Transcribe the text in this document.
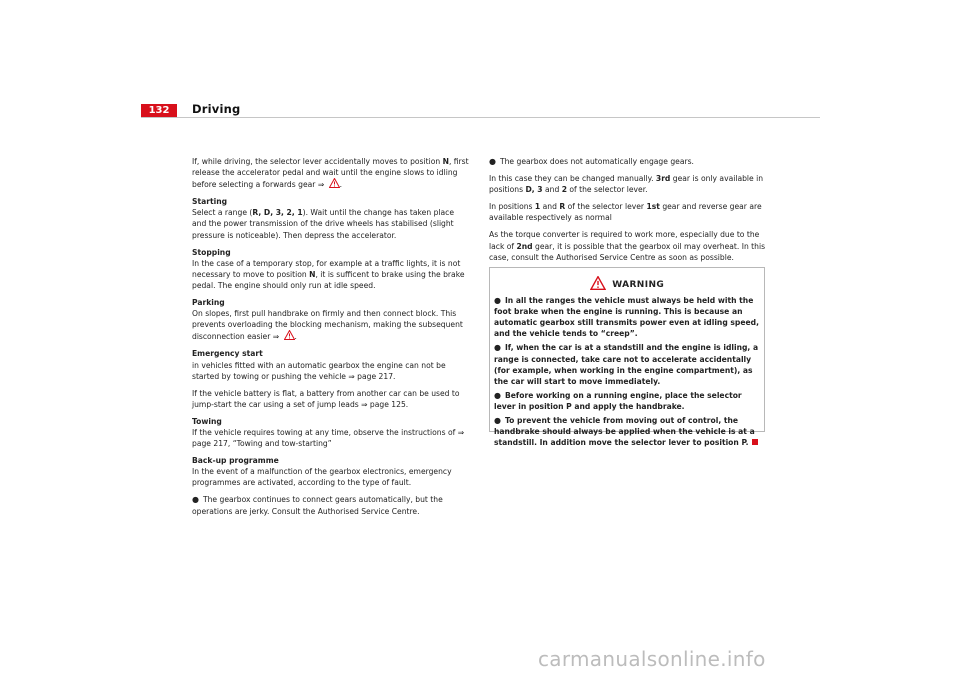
132	Driving

If, while driving, the selector lever accidentally moves to position N, first release the accelerator pedal and wait until the engine slows to idling before selecting a forwards gear ⇒ .

Starting

Select a range (R, D, 3, 2, 1). Wait until the change has taken place and the power transmission of the drive wheels has stabilised (slight pressure is noticeable). Then depress the accelerator.

Stopping

In the case of a temporary stop, for example at a traffic lights, it is not necessary to move to position N, it is sufficent to brake using the brake pedal. The engine should only run at idle speed.

Parking

On slopes, first pull handbrake on firmly and then connect block. This prevents overloading the blocking mechanism, making the subsequent disconnection easier ⇒ .

Emergency start

in vehicles fitted with an automatic gearbox the engine can not be started by towing or pushing the vehicle ⇒ page 217.

If the vehicle battery is flat, a battery from another car can be used to jump-start the car using a set of jump leads ⇒ page 125.

Towing

If the vehicle requires towing at any time, observe the instructions of ⇒ page 217, “Towing and tow-starting”

Back-up programme

In the event of a malfunction of the gearbox electronics, emergency programmes are activated, according to the type of fault.

● The gearbox continues to connect gears automatically, but the operations are jerky. Consult the Authorised Service Centre.

● The gearbox does not automatically engage gears.

In this case they can be changed manually. 3rd gear is only available in positions D, 3 and 2 of the selector lever.

In positions 1 and R of the selector lever 1st gear and reverse gear are available respectively as normal

As the torque converter is required to work more, especially due to the lack of 2nd gear, it is possible that the gearbox oil may overheat. In this case, consult the Authorised Service Centre as soon as possible.

WARNING

● In all the ranges the vehicle must always be held with the foot brake when the engine is running. This is because an automatic gearbox still transmits power even at idling speed, and the vehicle tends to “creep”.

● If, when the car is at a standstill and the engine is idling, a range is connected, take care not to accelerate accidentally (for example, when working in the engine compartment), as the car will start to move immediately.

● Before working on a running engine, place the selector lever in position P and apply the handbrake.

● To prevent the vehicle from moving out of control, the handbrake should always be applied when the vehicle is at a standstill. In addition move the selector lever to position P.

carmanualsonline.info
